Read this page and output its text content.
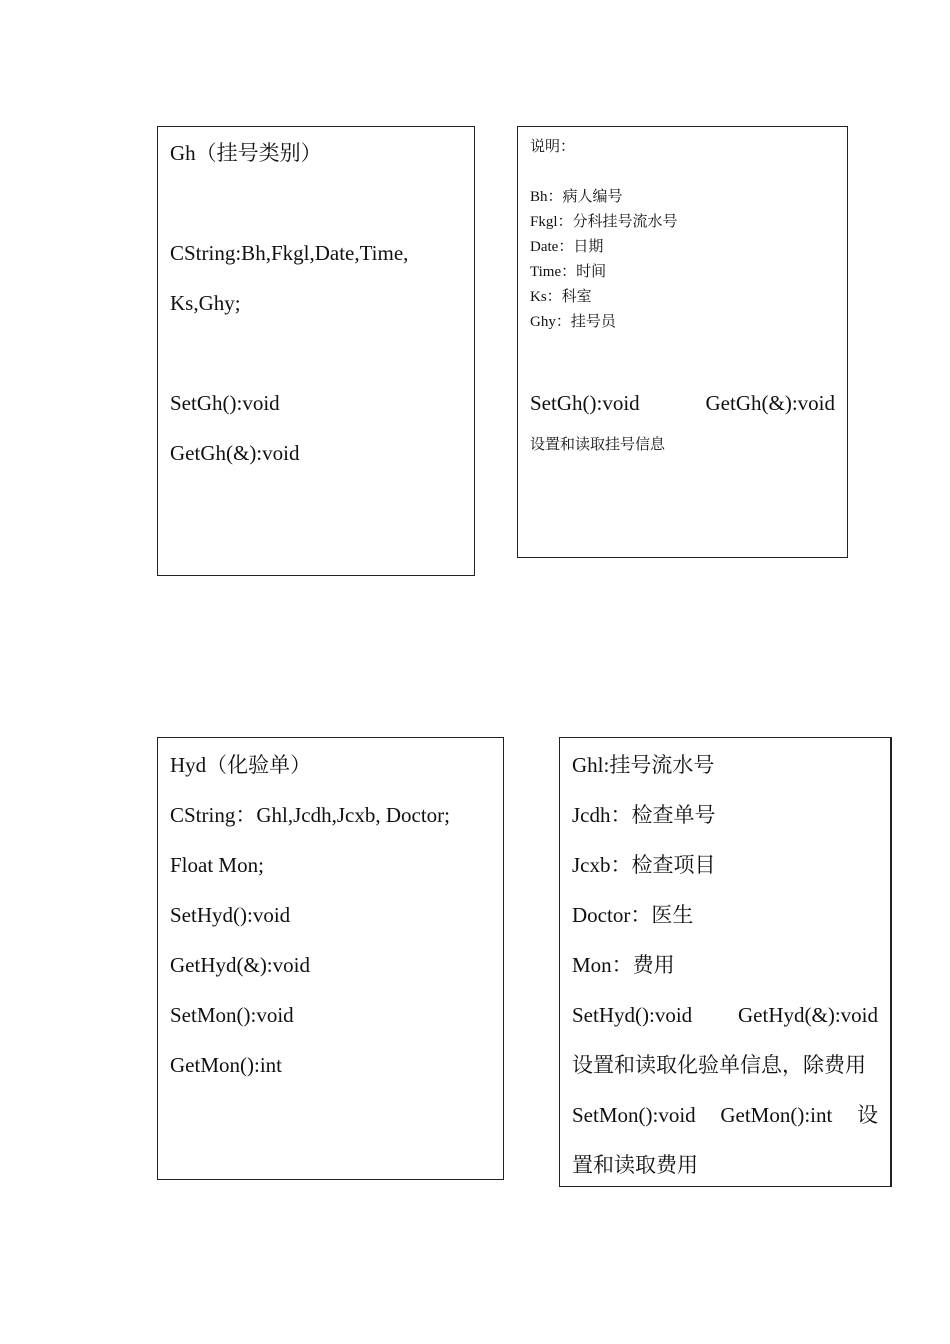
Gh（挂号类别）
CString:Bh,Fkgl,Date,Time,
Ks,Ghy;
SetGh():void
GetGh(&):void
说明：
Bh：病人编号
Fkgl：分科挂号流水号
Date：日期
Time：时间
Ks：科室
Ghy：挂号员
SetGh():void	GetGh(&):void
设置和读取挂号信息
Hyd（化验单）
CString：Ghl,Jcdh,Jcxb, Doctor;
Float Mon;
SetHyd():void
GetHyd(&):void
SetMon():void
GetMon():int
Ghl:挂号流水号
Jcdh：检查单号
Jcxb：检查项目
Doctor：医生
Mon：费用
SetHyd():void GetHyd(&):void
设置和读取化验单信息，除费用
SetMon():void GetMon():int 设
置和读取费用
